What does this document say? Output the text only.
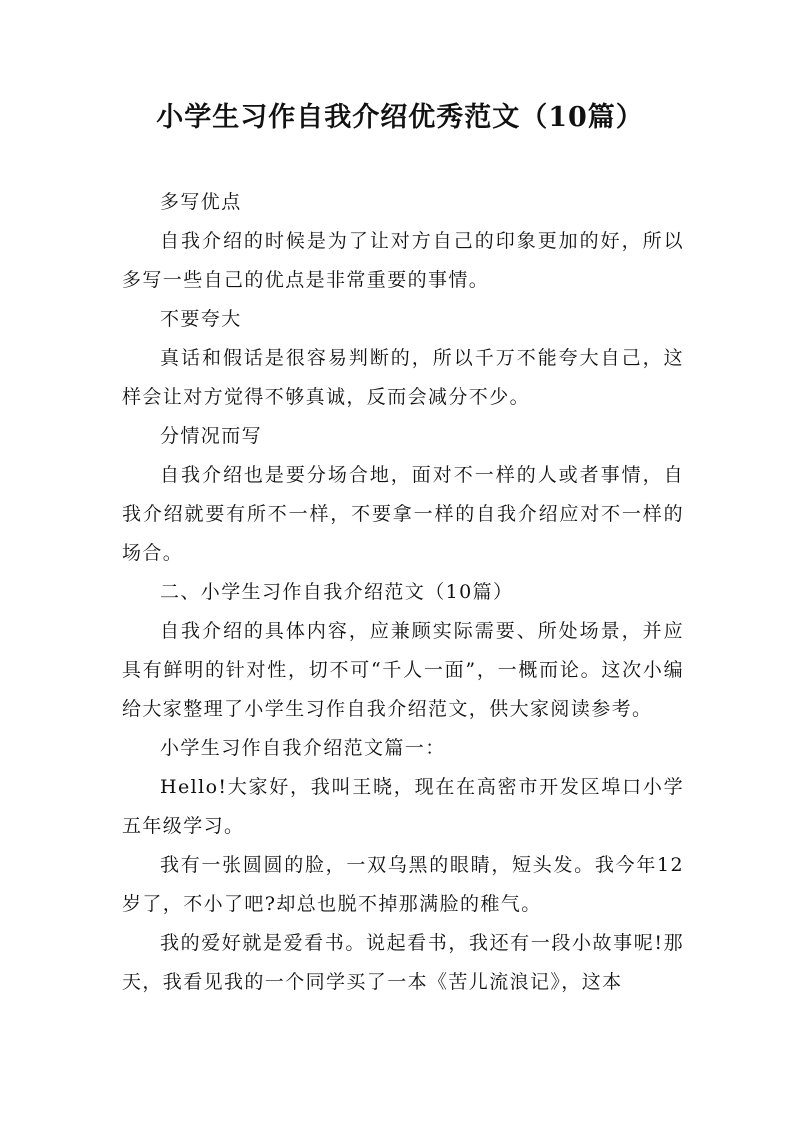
小学生习作自我介绍优秀范文（10篇）

多写优点

自我介绍的时候是为了让对方自己的印象更加的好，所以多写一些自己的优点是非常重要的事情。

不要夸大

真话和假话是很容易判断的，所以千万不能夸大自己，这样会让对方觉得不够真诚，反而会减分不少。

分情况而写

自我介绍也是要分场合地，面对不一样的人或者事情，自我介绍就要有所不一样，不要拿一样的自我介绍应对不一样的场合。

二、小学生习作自我介绍范文（10篇）

自我介绍的具体内容，应兼顾实际需要、所处场景，并应具有鲜明的针对性，切不可“千人一面”，一概而论。这次小编给大家整理了小学生习作自我介绍范文，供大家阅读参考。

小学生习作自我介绍范文篇一：

Hello!大家好，我叫王晓，现在在高密市开发区埠口小学五年级学习。

我有一张圆圆的脸，一双乌黑的眼睛，短头发。我今年12岁了，不小了吧?却总也脱不掉那满脸的稚气。

我的爱好就是爱看书。说起看书，我还有一段小故事呢!那天，我看见我的一个同学买了一本《苦儿流浪记》，这本
